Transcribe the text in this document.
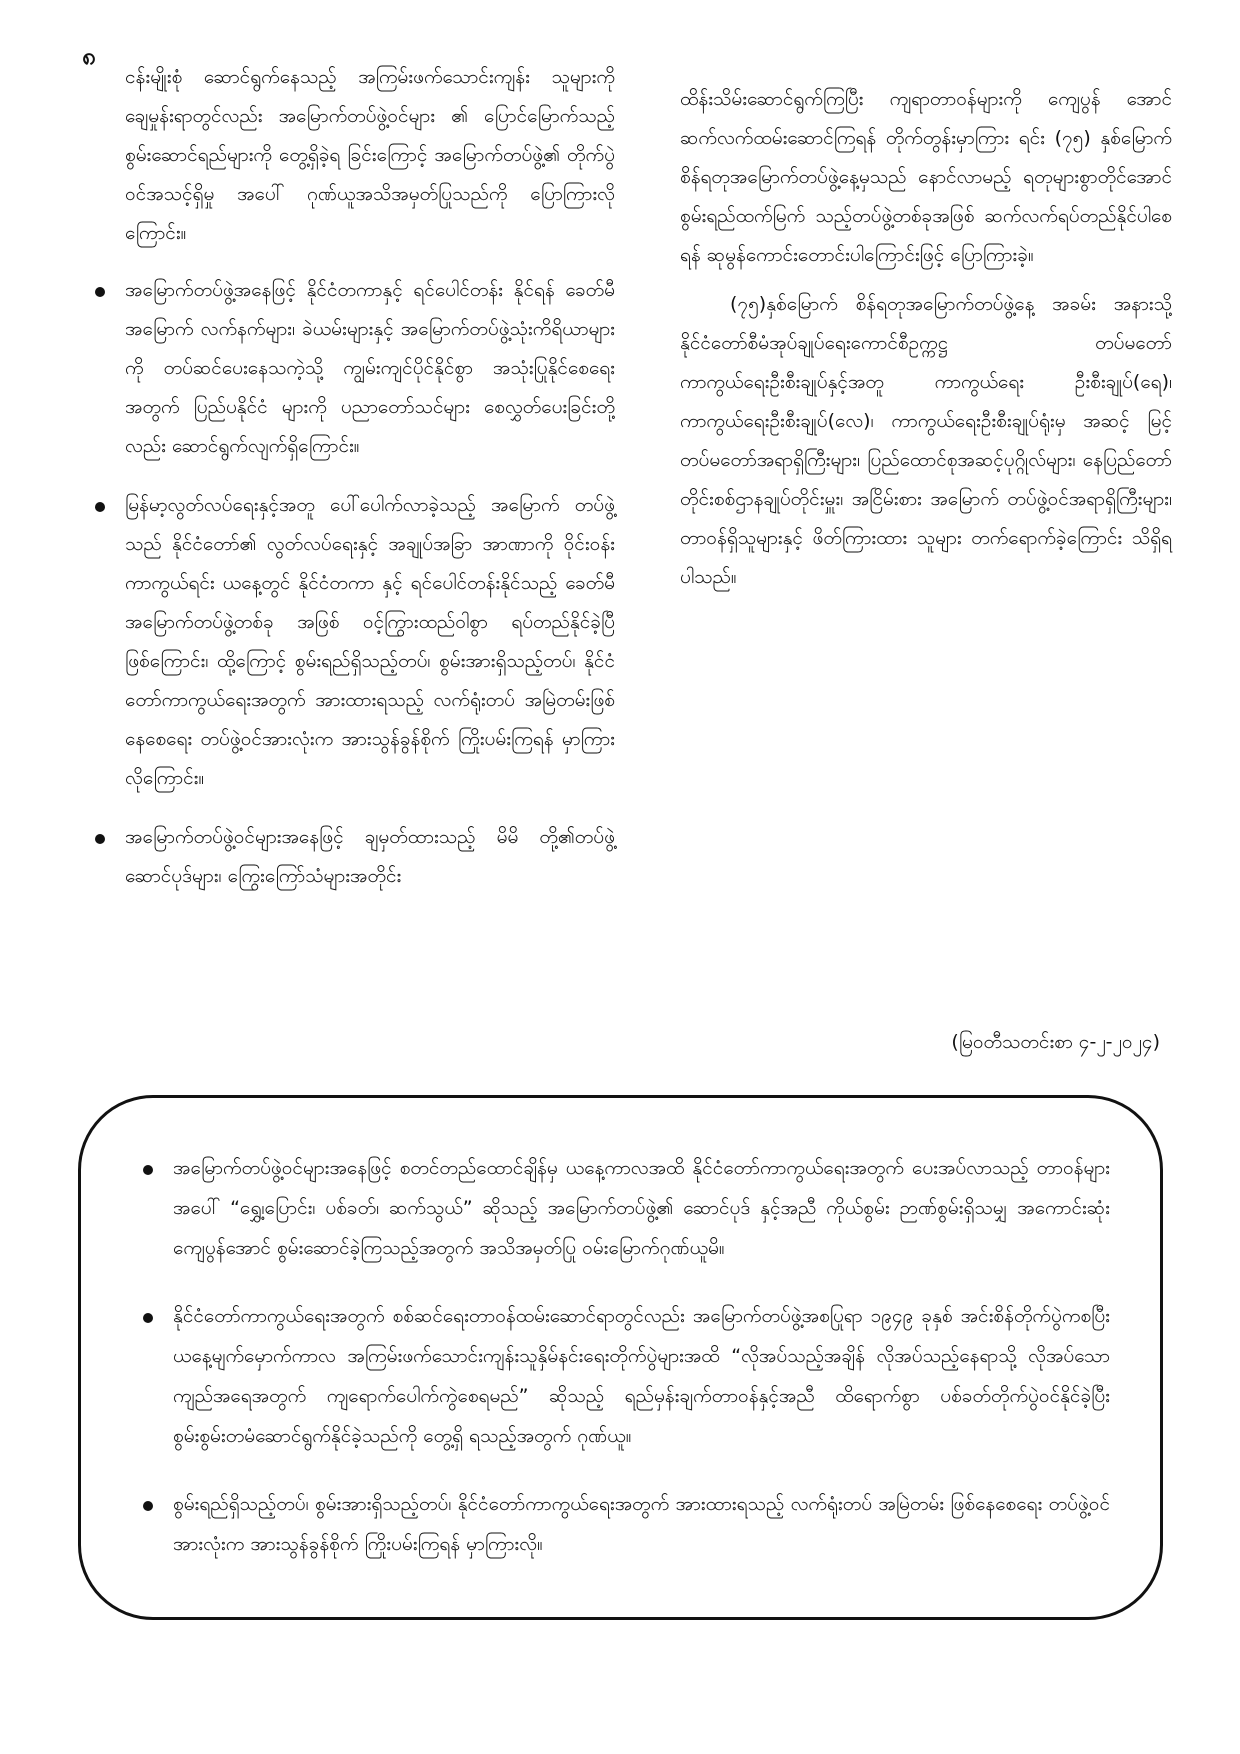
၈

ငန်းမျိုးစုံ ဆောင်ရွက်နေသည့် အကြမ်းဖက်သောင်းကျန်း သူများကို ချေမှုန်းရာတွင်လည်း အမြောက်တပ်ဖွဲ့ဝင်များ ၏ ပြောင်မြောက်သည့် စွမ်းဆောင်ရည်များကို တွေ့ရှိခဲ့ရ ခြင်းကြောင့် အမြောက်တပ်ဖွဲ့၏ တိုက်ပွဲဝင်အသင့်ရှိမှု အပေါ် ဂုဏ်ယူအသိအမှတ်ပြုသည်ကို ပြောကြားလိုကြောင်း။

အမြောက်တပ်ဖွဲ့အနေဖြင့် နိုင်ငံတကာနှင့် ရင်ပေါင်တန်း နိုင်ရန် ခေတ်မီအမြောက် လက်နက်များ၊ ခဲယမ်းများနှင့် အမြောက်တပ်ဖွဲ့သုံးကိရိယာများကို တပ်ဆင်ပေးနေသကဲ့သို့ ကျွမ်းကျင်ပိုင်နိုင်စွာ အသုံးပြုနိုင်စေရေးအတွက် ပြည်ပနိုင်ငံ များကို ပညာတော်သင်များ စေလွှတ်ပေးခြင်းတို့လည်း ဆောင်ရွက်လျက်ရှိကြောင်း။
မြန်မာ့လွတ်လပ်ရေးနှင့်အတူ ပေါ်ပေါက်လာခဲ့သည့် အမြောက် တပ်ဖွဲ့သည် နိုင်ငံတော်၏ လွတ်လပ်ရေးနှင့် အချုပ်အခြာ အာဏာကို ဝိုင်းဝန်းကာကွယ်ရင်း ယနေ့တွင် နိုင်ငံတကာ နှင့် ရင်ပေါင်တန်းနိုင်သည့် ခေတ်မီအမြောက်တပ်ဖွဲ့တစ်ခု အဖြစ် ဝင့်ကြွားထည်ဝါစွာ ရပ်တည်နိုင်ခဲ့ပြီဖြစ်ကြောင်း၊ ထို့ကြောင့် စွမ်းရည်ရှိသည့်တပ်၊ စွမ်းအားရှိသည့်တပ်၊ နိုင်ငံ တော်ကာကွယ်ရေးအတွက် အားထားရသည့် လက်ရုံးတပ် အမြဲတမ်းဖြစ်နေစေရေး တပ်ဖွဲ့ဝင်အားလုံးက အားသွန်ခွန်စိုက် ကြိုးပမ်းကြရန် မှာကြားလိုကြောင်း။
အမြောက်တပ်ဖွဲ့ဝင်များအနေဖြင့် ချမှတ်ထားသည့် မိမိ တို့၏တပ်ဖွဲ့ဆောင်ပုဒ်များ၊ ကြွေးကြော်သံများအတိုင်း

ထိန်းသိမ်းဆောင်ရွက်ကြပြီး ကျရာတာဝန်များကို ကျေပွန် အောင် ဆက်လက်ထမ်းဆောင်ကြရန် တိုက်တွန်းမှာကြား ရင်း (၇၅) နှစ်မြောက် စိန်ရတုအမြောက်တပ်ဖွဲ့နေ့မှသည် နောင်လာမည့် ရတုများစွာတိုင်အောင် စွမ်းရည်ထက်မြက် သည့်တပ်ဖွဲ့တစ်ခုအဖြစ် ဆက်လက်ရပ်တည်နိုင်ပါစေရန် ဆုမွန်ကောင်းတောင်းပါကြောင်းဖြင့် ပြောကြားခဲ့။

(၇၅)နှစ်မြောက် စိန်ရတုအမြောက်တပ်ဖွဲ့နေ့ အခမ်း အနားသို့ နိုင်ငံတော်စီမံအုပ်ချုပ်ရေးကောင်စီဥက္ကဋ္ဌ တပ်မတော် ကာကွယ်ရေးဦးစီးချုပ်နှင့်အတူ ကာကွယ်ရေး ဦးစီးချုပ်(ရေ)၊ ကာကွယ်ရေးဦးစီးချုပ်(လေ)၊ ကာကွယ်ရေးဦးစီးချုပ်ရုံးမှ အဆင့် မြင့် တပ်မတော်အရာရှိကြီးများ၊ ပြည်ထောင်စုအဆင့်ပုဂ္ဂိုလ်များ၊ နေပြည်တော်တိုင်းစစ်ဌာနချုပ်တိုင်းမှူး၊ အငြိမ်းစား အမြောက် တပ်ဖွဲ့ဝင်အရာရှိကြီးများ၊ တာဝန်ရှိသူများနှင့် ဖိတ်ကြားထား သူများ တက်ရောက်ခဲ့ကြောင်း သိရှိရပါသည်။

(မြဝတီသတင်းစာ ၄-၂-၂၀၂၄)
အမြောက်တပ်ဖွဲ့ဝင်များအနေဖြင့် စတင်တည်ထောင်ချိန်မှ ယနေ့ကာလအထိ နိုင်ငံတော်ကာကွယ်ရေးအတွက် ပေးအပ်လာသည့် တာဝန်များအပေါ် “ရွှေ့၊ပြောင်း၊ ပစ်ခတ်၊ ဆက်သွယ်” ဆိုသည့် အမြောက်တပ်ဖွဲ့၏ ဆောင်ပုဒ် နှင့်အညီ ကိုယ်စွမ်း ဉာဏ်စွမ်းရှိသမျှ အကောင်းဆုံးကျေပွန်အောင် စွမ်းဆောင်ခဲ့ကြသည့်အတွက် အသိအမှတ်ပြု ဝမ်းမြောက်ဂုဏ်ယူမိ။
နိုင်ငံတော်ကာကွယ်ရေးအတွက် စစ်ဆင်ရေးတာဝန်ထမ်းဆောင်ရာတွင်လည်း အမြောက်တပ်ဖွဲ့အစပြုရာ ၁၉၄၉ ခုနှစ် အင်းစိန်တိုက်ပွဲကစပြီး ယနေ့မျက်မှောက်ကာလ အကြမ်းဖက်သောင်းကျန်းသူနှိမ်နင်းရေးတိုက်ပွဲများအထိ “လိုအပ်သည့်အချိန် လိုအပ်သည့်နေရာသို့ လိုအပ်သောကျည်အရေအတွက် ကျရောက်ပေါက်ကွဲစေရမည်” ဆိုသည့် ရည်မှန်းချက်တာဝန်နှင့်အညီ ထိရောက်စွာ ပစ်ခတ်တိုက်ပွဲဝင်နိုင်ခဲ့ပြီး စွမ်းစွမ်းတမံဆောင်ရွက်နိုင်ခဲ့သည်ကို တွေ့ရှိ ရသည့်အတွက် ဂုဏ်ယူ။
စွမ်းရည်ရှိသည့်တပ်၊ စွမ်းအားရှိသည့်တပ်၊ နိုင်ငံတော်ကာကွယ်ရေးအတွက် အားထားရသည့် လက်ရုံးတပ် အမြဲတမ်း ဖြစ်နေစေရေး တပ်ဖွဲ့ဝင်အားလုံးက အားသွန်ခွန်စိုက် ကြိုးပမ်းကြရန် မှာကြားလို။
